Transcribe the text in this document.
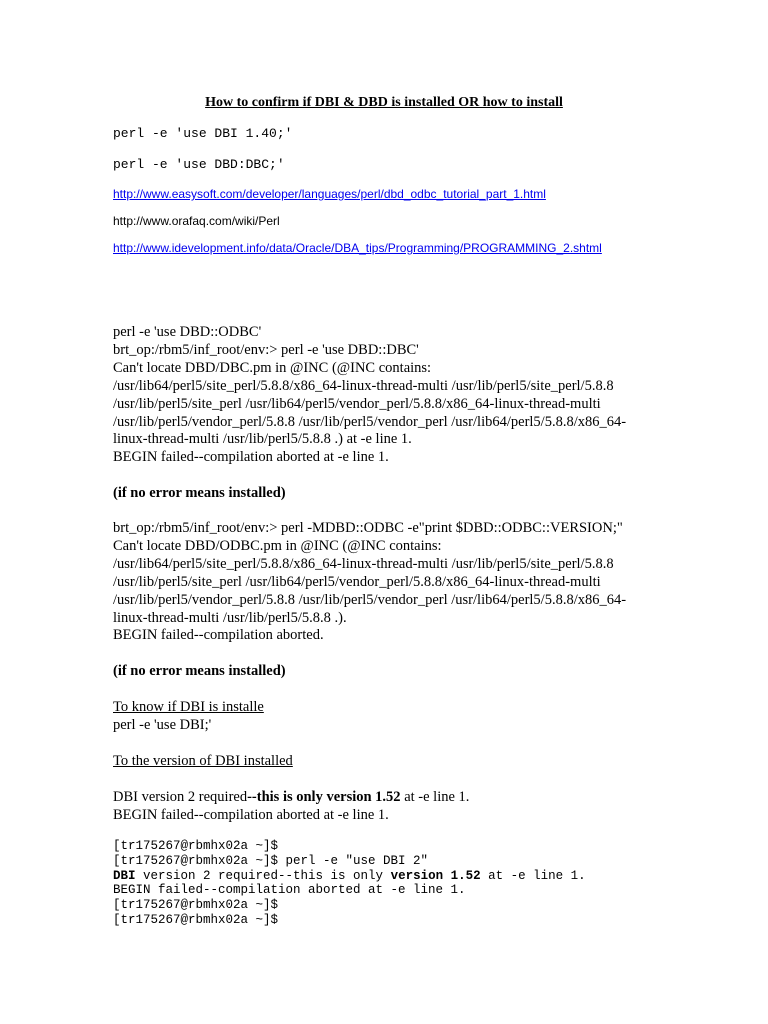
How to confirm if DBI & DBD is installed OR how to install
perl -e 'use DBI 1.40;'
perl -e 'use DBD:DBC;'
http://www.easysoft.com/developer/languages/perl/dbd_odbc_tutorial_part_1.html
http://www.orafaq.com/wiki/Perl
http://www.idevelopment.info/data/Oracle/DBA_tips/Programming/PROGRAMMING_2.shtml
perl -e 'use DBD::ODBC'
brt_op:/rbm5/inf_root/env:> perl -e 'use DBD::DBC'
Can't locate DBD/DBC.pm in @INC (@INC contains:
/usr/lib64/perl5/site_perl/5.8.8/x86_64-linux-thread-multi /usr/lib/perl5/site_perl/5.8.8
/usr/lib/perl5/site_perl /usr/lib64/perl5/vendor_perl/5.8.8/x86_64-linux-thread-multi
/usr/lib/perl5/vendor_perl/5.8.8 /usr/lib/perl5/vendor_perl /usr/lib64/perl5/5.8.8/x86_64-
linux-thread-multi /usr/lib/perl5/5.8.8 .) at -e line 1.
BEGIN failed--compilation aborted at -e line 1.
(if no error means installed)
brt_op:/rbm5/inf_root/env:> perl -MDBD::ODBC -e"print $DBD::ODBC::VERSION;"
Can't locate DBD/ODBC.pm in @INC (@INC contains:
/usr/lib64/perl5/site_perl/5.8.8/x86_64-linux-thread-multi /usr/lib/perl5/site_perl/5.8.8
/usr/lib/perl5/site_perl /usr/lib64/perl5/vendor_perl/5.8.8/x86_64-linux-thread-multi
/usr/lib/perl5/vendor_perl/5.8.8 /usr/lib/perl5/vendor_perl /usr/lib64/perl5/5.8.8/x86_64-
linux-thread-multi /usr/lib/perl5/5.8.8 .).
BEGIN failed--compilation aborted.
(if no error means installed)
To know if DBI is installe
perl -e 'use DBI;'
To the version of DBI installed
DBI version 2 required--this is only version 1.52 at -e line 1.
BEGIN failed--compilation aborted at -e line 1.
[tr175267@rbmhx02a ~]$
[tr175267@rbmhx02a ~]$ perl -e "use DBI 2"
DBI version 2 required--this is only version 1.52 at -e line 1.
BEGIN failed--compilation aborted at -e line 1.
[tr175267@rbmhx02a ~]$
[tr175267@rbmhx02a ~]$
